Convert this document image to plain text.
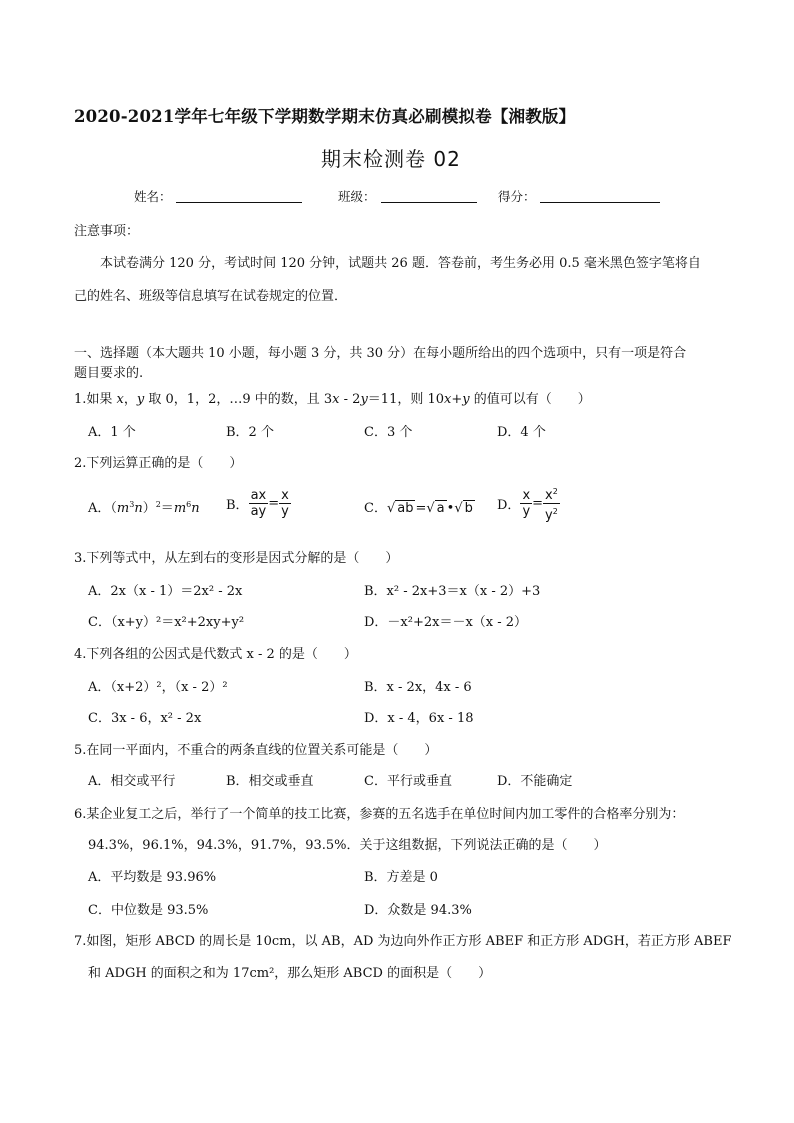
2020-2021学年七年级下学期数学期末仿真必刷模拟卷【湘教版】
期末检测卷 02
姓名：	班级：	得分：
注意事项：
本试卷满分 120 分，考试时间 120 分钟，试题共 26 题．答卷前，考生务必用 0.5 毫米黑色签字笔将自
己的姓名、班级等信息填写在试卷规定的位置．
一、选择题（本大题共 10 小题，每小题 3 分，共 30 分）在每小题所给出的四个选项中，只有一项是符合
题目要求的.
1.如果 x，y 取 0，1，2，…9 中的数，且 3x - 2y＝11，则 10x+y 的值可以有（　　）
A．1 个	B．2 个	C．3 个	D．4 个
2.下列运算正确的是（　　）
A．$(m^3n)^2=m^6n$ B． $\frac{ax}{ay} = \frac{x}{y}$	C．√ ab =√ a •√ b D． $\frac{x}{y} = \frac{x^2}{y^2}$
3.下列等式中，从左到右的变形是因式分解的是（　　）
A．2x（x - 1）＝2x² - 2x	B．x² - 2x+3＝x（x - 2）+3
C．（x+y）²＝x²+2xy+y²	D．－x²+2x＝－x（x - 2）
4.下列各组的公因式是代数式 x - 2 的是（　　）
A．（x+2）²，（x - 2）²	B．x - 2x，4x - 6
C．3x - 6，x² - 2x	D．x - 4，6x - 18
5.在同一平面内，不重合的两条直线的位置关系可能是（　　）
A．相交或平行	B．相交或垂直	C．平行或垂直	D．不能确定
6.某企业复工之后，举行了一个简单的技工比赛，参赛的五名选手在单位时间内加工零件的合格率分别为：
94.3%，96.1%，94.3%，91.7%，93.5%．关于这组数据，下列说法正确的是（　　）
A．平均数是 93.96%	B．方差是 0
C．中位数是 93.5%	D．众数是 94.3%
7.如图，矩形 ABCD 的周长是 10cm，以 AB，AD 为边向外作正方形 ABEF 和正方形 ADGH，若正方形 ABEF
和 ADGH 的面积之和为 17cm²，那么矩形 ABCD 的面积是（　　）
